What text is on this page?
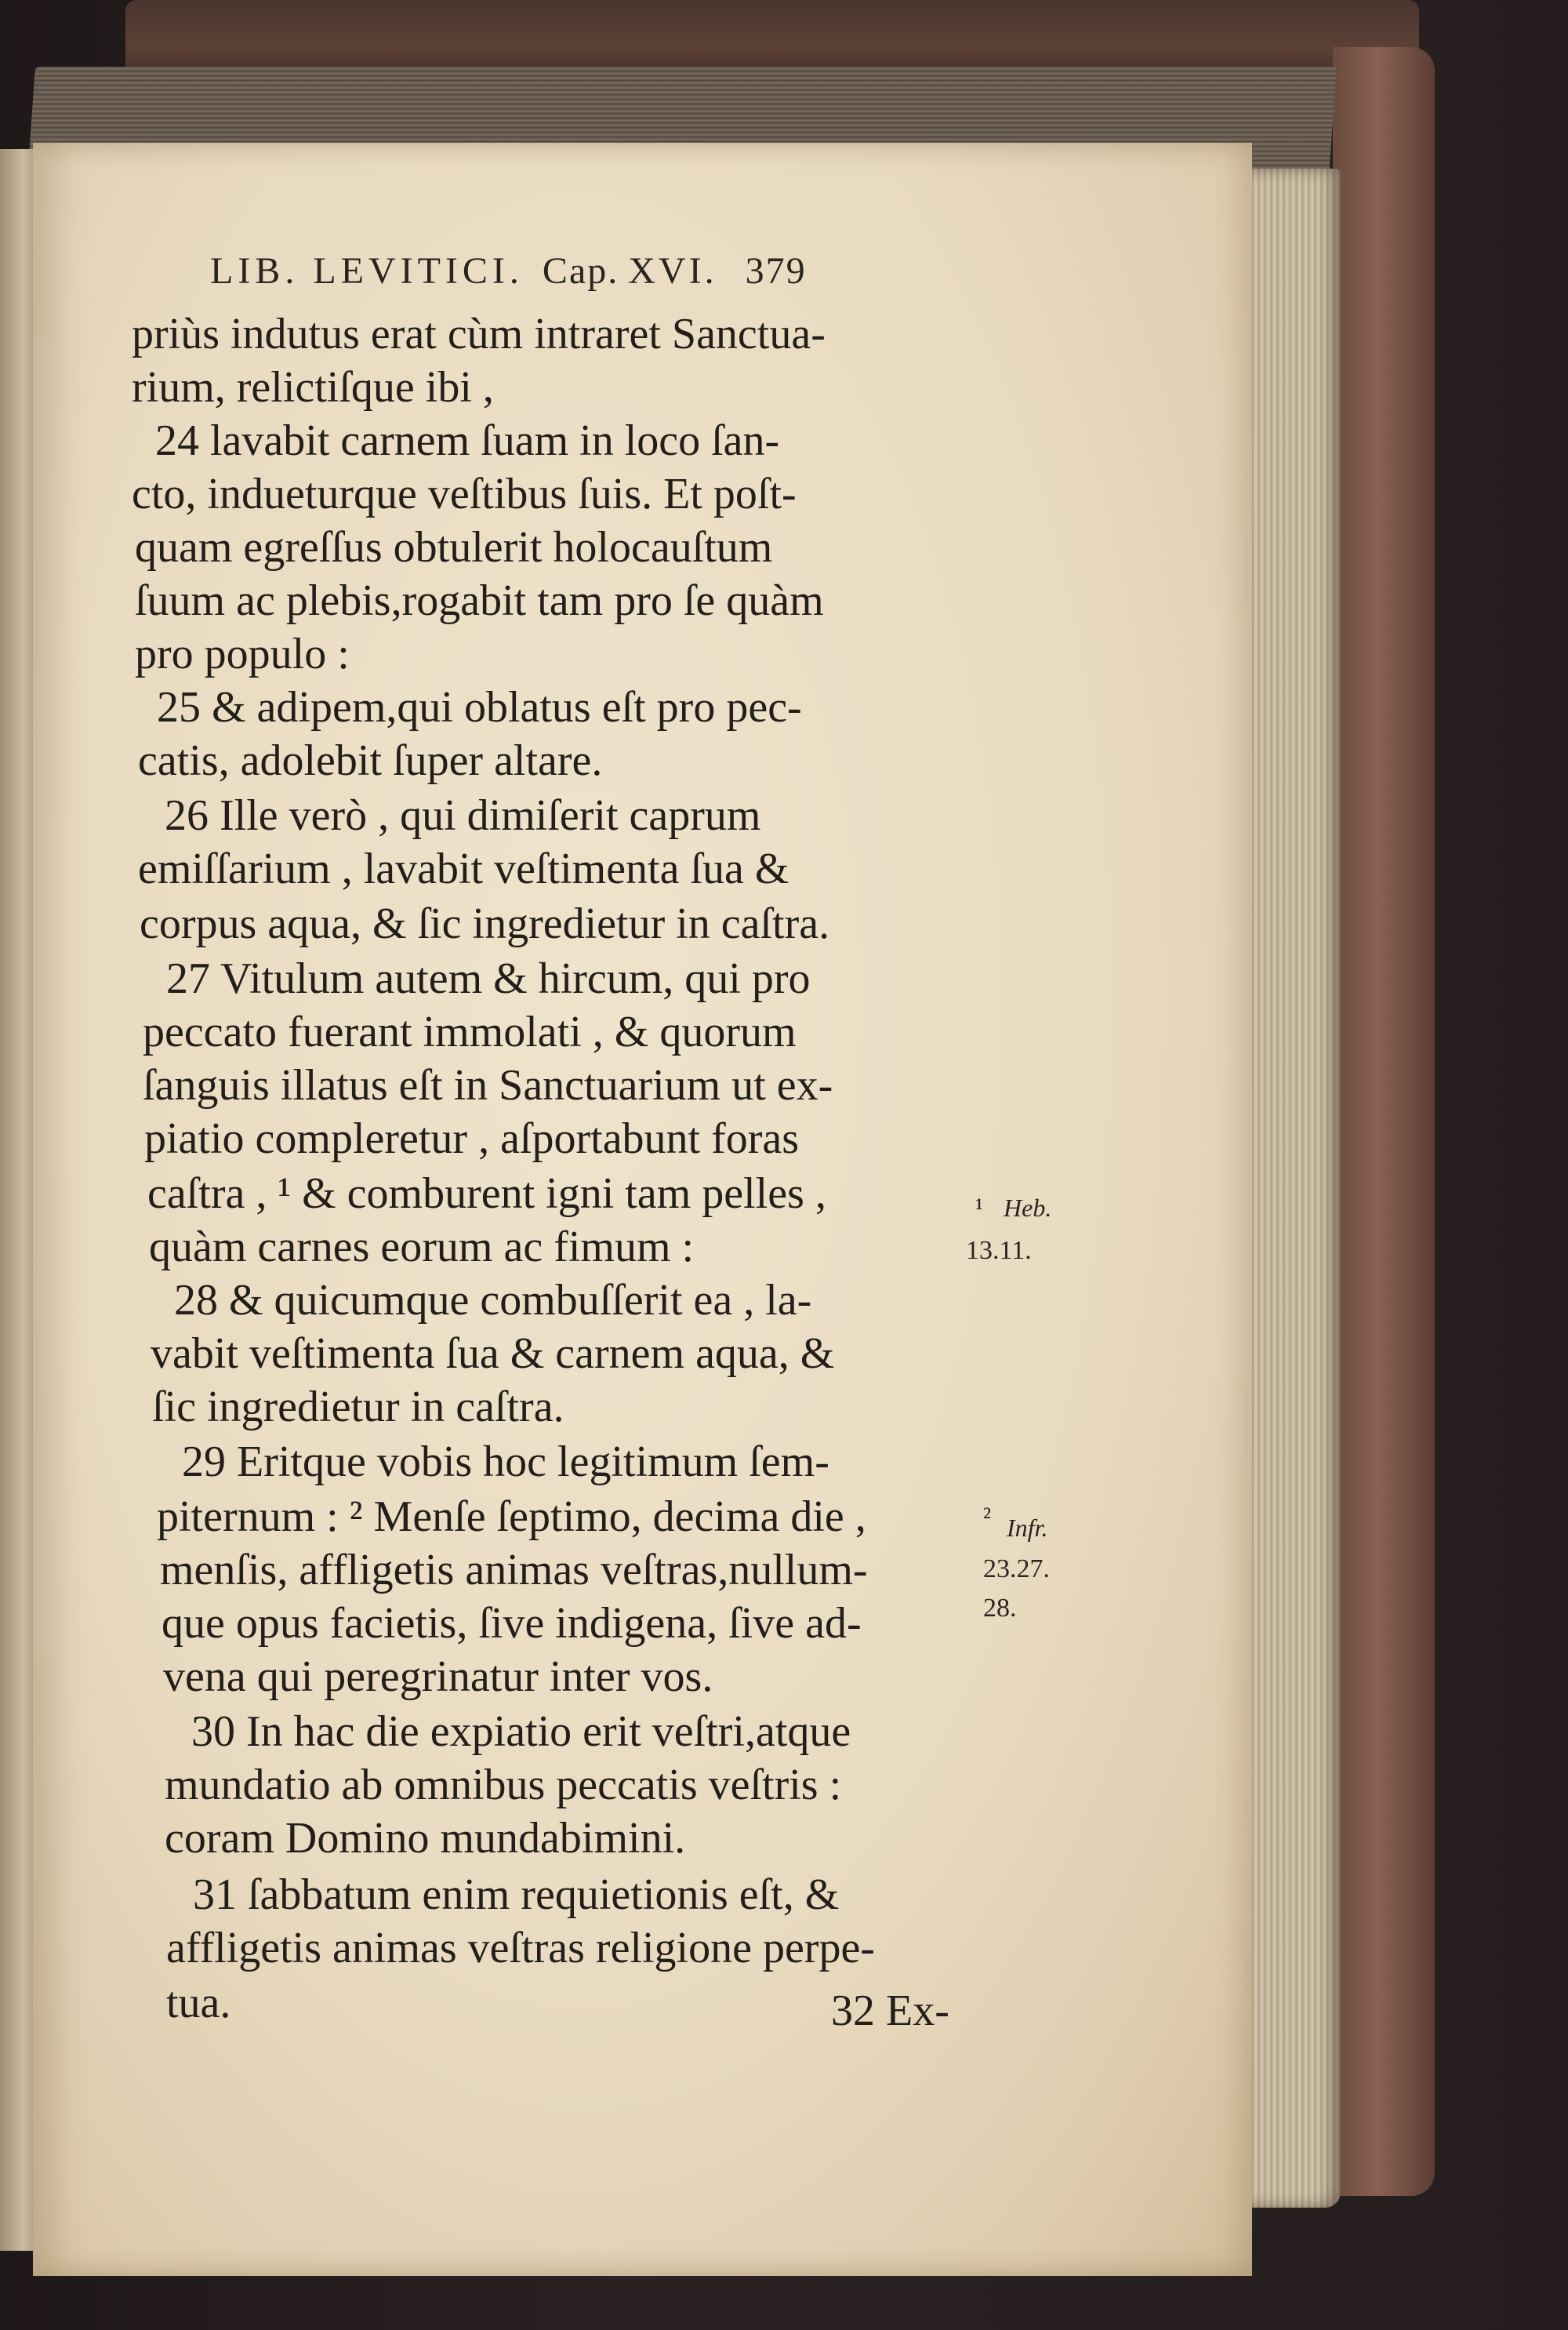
LIB. LEVITICI. Cap. XVI. 379
priùs indutus erat cùm intraret Sanctua-
rium, relictiſque ibi ,
24 lavabit carnem ſuam in loco ſan-
cto, indueturque veſtibus ſuis. Et poſt-
quam egreſſus obtulerit holocauſtum
ſuum ac plebis,rogabit tam pro ſe quàm
pro populo :
25 & adipem,qui oblatus eſt pro pec-
catis, adolebit ſuper altare.
26 Ille verò , qui dimiſerit caprum
emiſſarium , lavabit veſtimenta ſua &
corpus aqua, & ſic ingredietur in caſtra.
27 Vitulum autem & hircum, qui pro
peccato fuerant immolati , & quorum
ſanguis illatus eſt in Sanctuarium ut ex-
piatio compleretur , aſportabunt foras
caſtra , ¹ & comburent igni tam pelles ,
quàm carnes eorum ac fimum :
28 & quicumque combuſſerit ea , la-
vabit veſtimenta ſua & carnem aqua, &
ſic ingredietur in caſtra.
29 Eritque vobis hoc legitimum ſem-
piternum : ² Menſe ſeptimo, decima die ,
menſis, affligetis animas veſtras,nullum-
que opus facietis, ſive indigena, ſive ad-
vena qui peregrinatur inter vos.
30 In hac die expiatio erit veſtri,atque
mundatio ab omnibus peccatis veſtris :
coram Domino mundabimini.
31 ſabbatum enim requietionis eſt, &
affligetis animas veſtras religione perpe-
tua.	32 Ex-
¹ Heb.
13.11.
² Infr.
23.27.
28.
